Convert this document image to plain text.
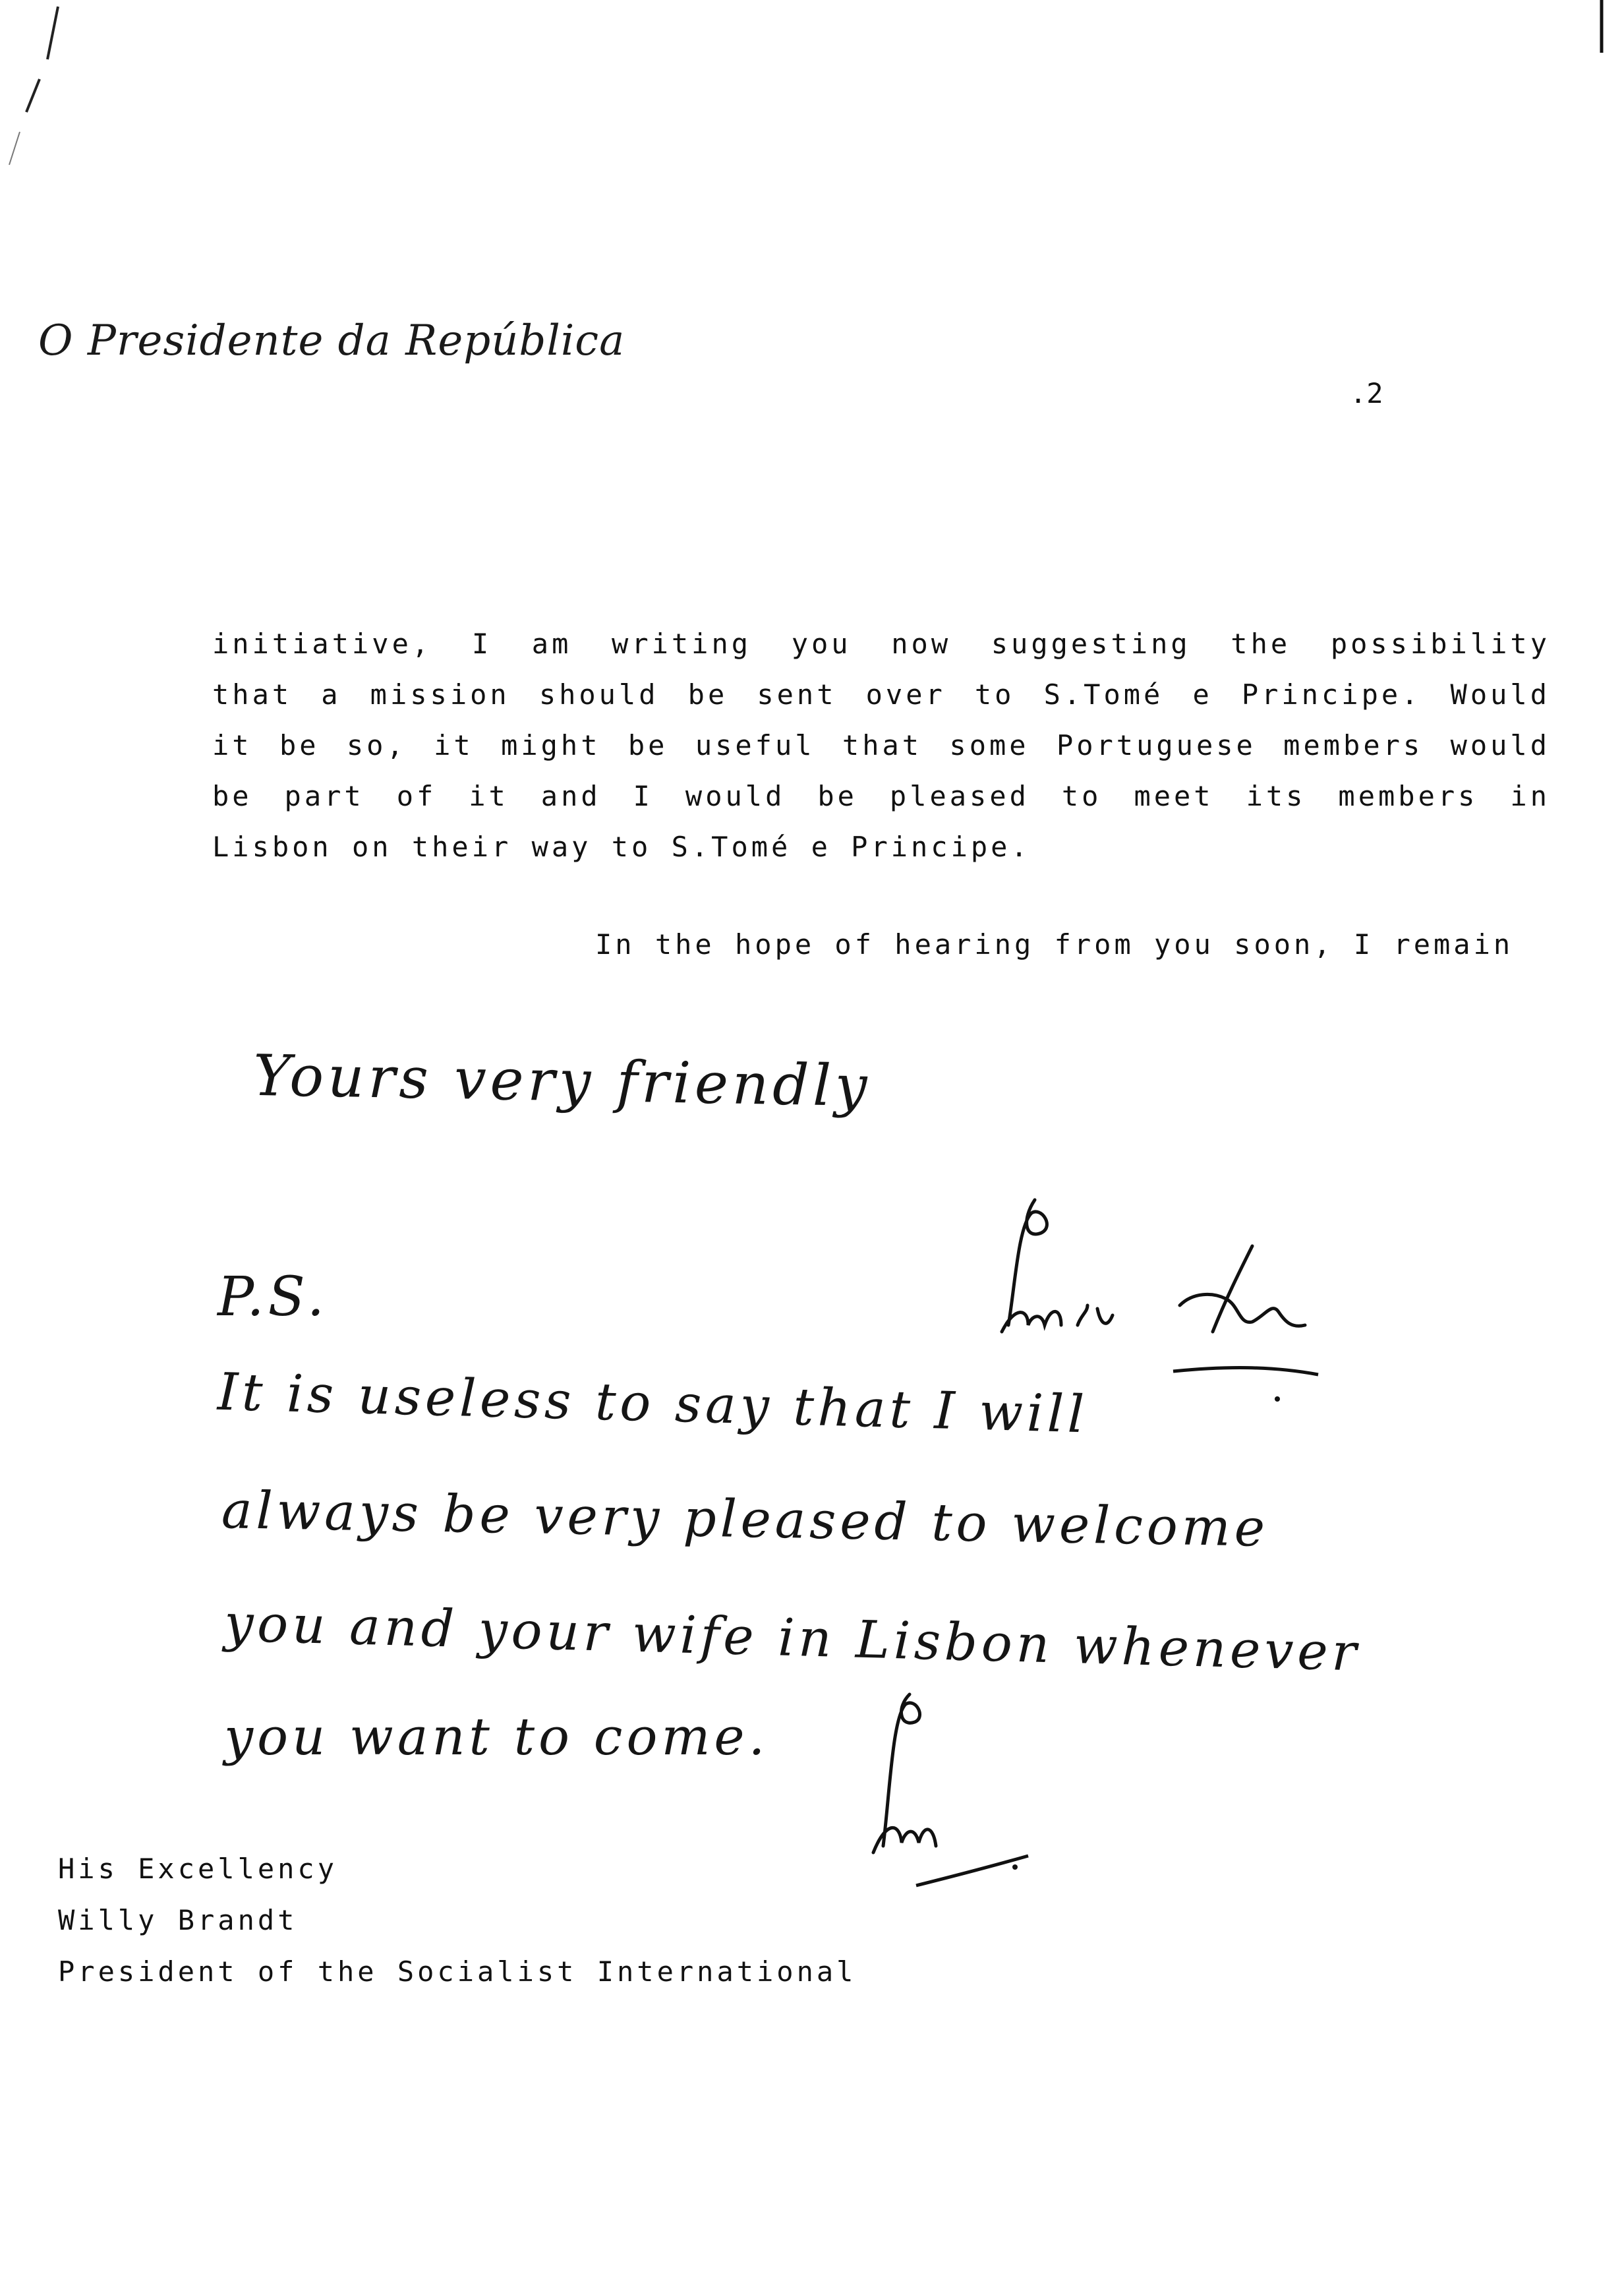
O Presidente da República
.2
initiative, I am writing you now suggesting the possibility
that a mission should be sent over to S.Tomé e Principe. Would
it be so, it might be useful that some Portuguese members would
be part of it and I would be pleased to meet its members in
Lisbon on their way to S.Tomé e Principe.
In the hope of hearing from you soon, I remain
Yours very friendly
P.S.
It is useless to say that I will
always be very pleased to welcome
you and your wife in Lisbon whenever
you want to come.
His Excellency
Willy Brandt
President of the Socialist International
